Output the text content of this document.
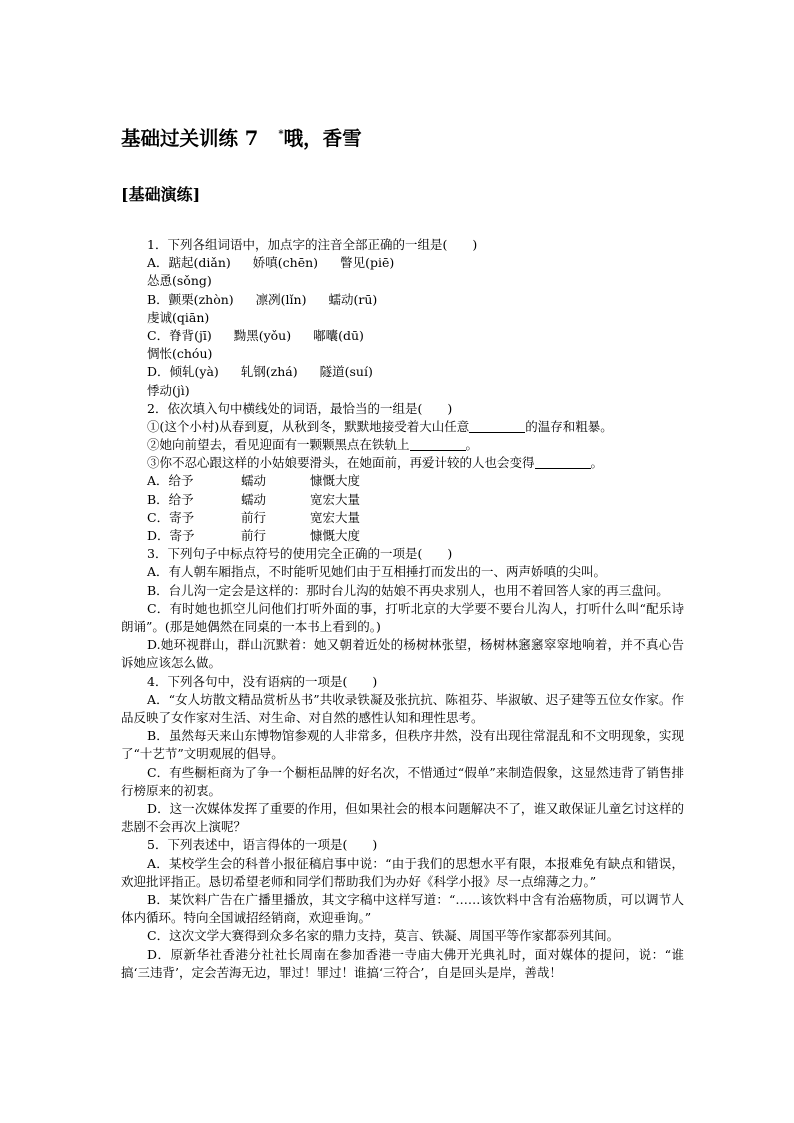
基础过关训练 7 *哦，香雪
[基础演练]
1．下列各组词语中，加点字的注音全部正确的一组是(　　)
A．踮起(diǎn) 娇嗔(chēn) 瞥见(piē)
怂恿(sǒng)
B．颤栗(zhòn) 凛冽(lǐn) 蠕动(rū)
虔诚(qiān)
C．脊背(jī) 黝黑(yǒu) 嘟囔(dū)
惆怅(chóu)
D．倾轧(yà) 轧钢(zhá) 隧道(suí)
悸动(jì)
2．依次填入句中横线处的词语，最恰当的一组是(　　)
①(这个小村)从春到夏，从秋到冬，默默地接受着大山任意	的温存和粗暴。
②她向前望去，看见迎面有一颗颗黑点在铁轨上	。
③你不忍心跟这样的小姑娘要滑头，在她面前，再爱计较的人也会变得	。
A．给予	蠕动	慷慨大度
B．给予	蠕动	宽宏大量
C．寄予	前行	宽宏大量
D．寄予	前行	慷慨大度
3．下列句子中标点符号的使用完全正确的一项是(　　)
A．有人朝车厢指点，不时能听见她们由于互相捶打而发出的一、两声娇嗔的尖叫。
B．台儿沟一定会是这样的：那时台儿沟的姑娘不再央求别人，也用不着回答人家的再三盘问。
C．有时她也抓空儿问他们打听外面的事，打听北京的大学要不要台儿沟人，打听什么叫“配乐诗朗诵”。(那是她偶然在同桌的一本书上看到的。)
D.她环视群山，群山沉默着：她又朝着近处的杨树林张望，杨树林窸窸窣窣地响着，并不真心告诉她应该怎么做。
4．下列各句中，没有语病的一项是(　　)
A．“女人坊散文精品赏析丛书”共收录铁凝及张抗抗、陈祖芬、毕淑敏、迟子建等五位女作家。作品反映了女作家对生活、对生命、对自然的感性认知和理性思考。
B．虽然每天来山东博物馆参观的人非常多，但秩序井然，没有出现往常混乱和不文明现象，实现了“十艺节”文明观展的倡导。
C．有些橱柜商为了争一个橱柜品牌的好名次，不惜通过“假单”来制造假象，这显然违背了销售排行榜原来的初衷。
D．这一次媒体发挥了重要的作用，但如果社会的根本问题解决不了，谁又敢保证儿童乞讨这样的悲剧不会再次上演呢？
5．下列表述中，语言得体的一项是(　　)
A．某校学生会的科普小报征稿启事中说：“由于我们的思想水平有限，本报难免有缺点和错误，欢迎批评指正。恳切希望老师和同学们帮助我们为办好《科学小报》尽一点绵薄之力。”
B．某饮料广告在广播里播放，其文字稿中这样写道：“……该饮料中含有治癌物质，可以调节人体内循环。特向全国诚招经销商，欢迎垂询。”
C．这次文学大赛得到众多名家的鼎力支持，莫言、铁凝、周国平等作家都忝列其间。
D．原新华社香港分社社长周南在参加香港一寺庙大佛开光典礼时，面对媒体的提问，说：“谁搞‘三违背’，定会苦海无边，罪过！罪过！谁搞‘三符合’，自是回头是岸，善哉！
